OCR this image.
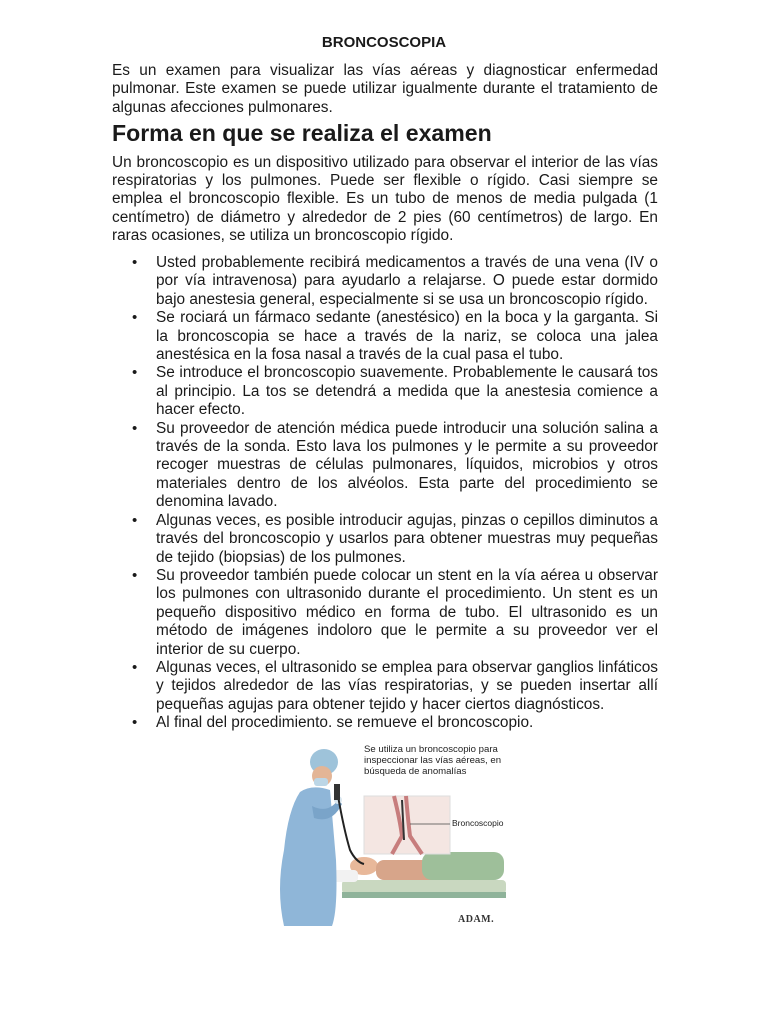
BRONCOSCOPIA

Es un examen para visualizar las vías aéreas y diagnosticar enfermedad pulmonar. Este examen se puede utilizar igualmente durante el tratamiento de algunas afecciones pulmonares.

Forma en que se realiza el examen

Un broncoscopio es un dispositivo utilizado para observar el interior de las vías respiratorias y los pulmones. Puede ser flexible o rígido. Casi siempre se emplea el broncoscopio flexible. Es un tubo de menos de media pulgada (1 centímetro) de diámetro y alrededor de 2 pies (60 centímetros) de largo. En raras ocasiones, se utiliza un broncoscopio rígido.

• Usted probablemente recibirá medicamentos a través de una vena (IV o por vía intravenosa) para ayudarlo a relajarse. O puede estar dormido bajo anestesia general, especialmente si se usa un broncoscopio rígido.
• Se rociará un fármaco sedante (anestésico) en la boca y la garganta. Si la broncoscopia se hace a través de la nariz, se coloca una jalea anestésica en la fosa nasal a través de la cual pasa el tubo.
• Se introduce el broncoscopio suavemente. Probablemente le causará tos al principio. La tos se detendrá a medida que la anestesia comience a hacer efecto.
• Su proveedor de atención médica puede introducir una solución salina a través de la sonda. Esto lava los pulmones y le permite a su proveedor recoger muestras de células pulmonares, líquidos, microbios y otros materiales dentro de los alvéolos. Esta parte del procedimiento se denomina lavado.
• Algunas veces, es posible introducir agujas, pinzas o cepillos diminutos a través del broncoscopio y usarlos para obtener muestras muy pequeñas de tejido (biopsias) de los pulmones.
• Su proveedor también puede colocar un stent en la vía aérea u observar los pulmones con ultrasonido durante el procedimiento. Un stent es un pequeño dispositivo médico en forma de tubo. El ultrasonido es un método de imágenes indoloro que le permite a su proveedor ver el interior de su cuerpo.
• Algunas veces, el ultrasonido se emplea para observar ganglios linfáticos y tejidos alrededor de las vías respiratorias, y se pueden insertar allí pequeñas agujas para obtener tejido y hacer ciertos diagnósticos.
• Al final del procedimiento. se remueve el broncoscopio.
Se utiliza un broncoscopio para inspeccionar las vías aéreas, en búsqueda de anomalías
Broncoscopio
ADAM.
